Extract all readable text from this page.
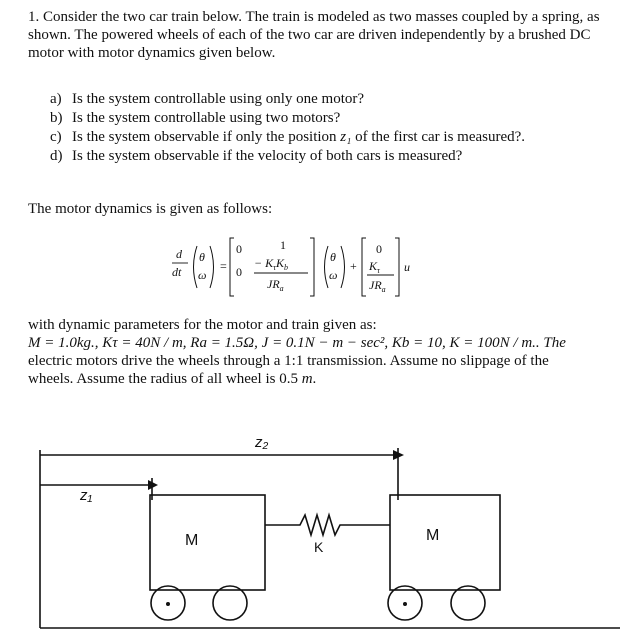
1. Consider the two car train below. The train is modeled as two masses coupled by a spring, as shown. The powered wheels of each of the two car are driven independently by a brushed DC motor with motor dynamics given below.
a) Is the system controllable using only one motor?
b) Is the system controllable using two motors?
c) Is the system observable if only the position z₁ of the first car is measured?.
d) Is the system observable if the velocity of both cars is measured?
The motor dynamics is given as follows:
d
dt
θ
ω
=
0	1
0
− $K_\tau K_b$
$JR_a$
θ
ω
+
0
$K_\tau$
$JR_a$
u
with dynamic parameters for the motor and train given as:
M = 1.0kg., Kτ = 40N / m, Ra = 1.5Ω, J = 0.1N − m − sec², Kb = 10, K = 100N / m.. The
electric motors drive the wheels through a 1:1 transmission. Assume no slippage of the
wheels. Assume the radius of all wheel is 0.5 m.
z₁
z₂
M	K
M
